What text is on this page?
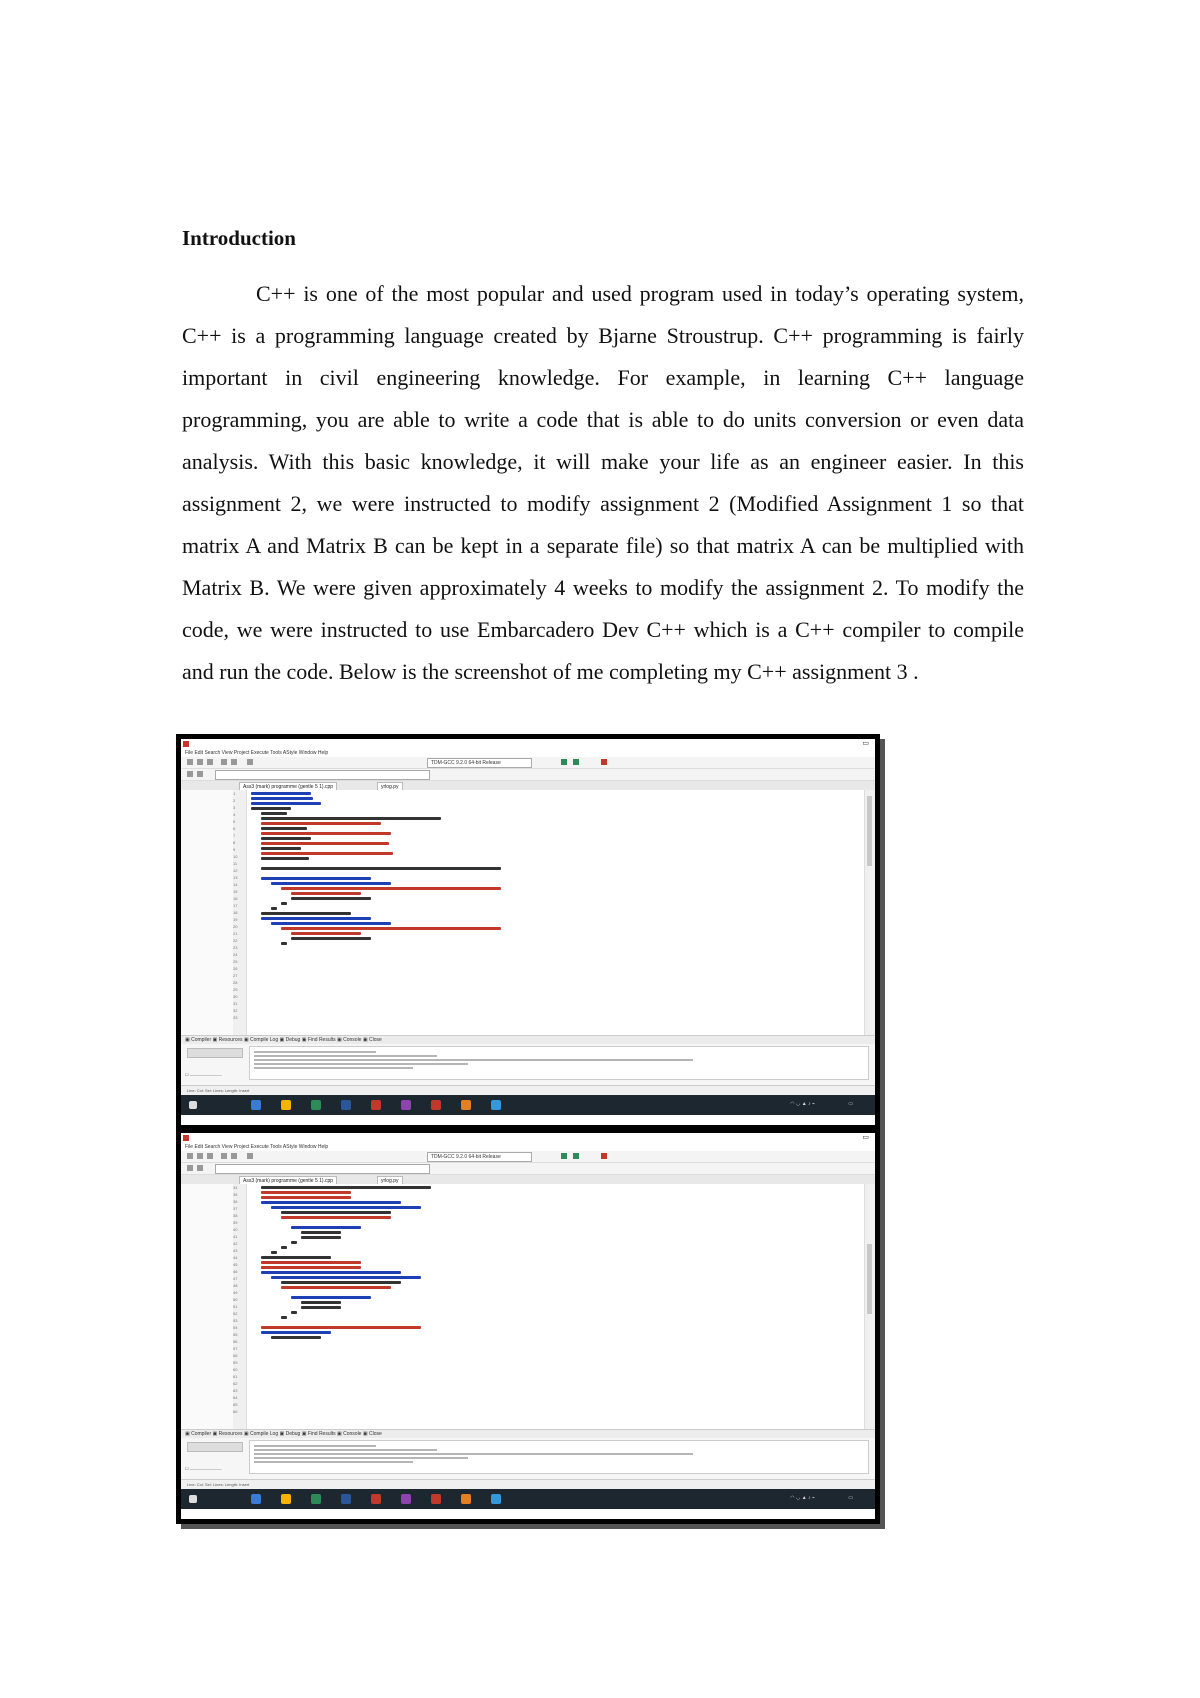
Introduction

C++ is one of the most popular and used program used in today’s operating system, C++ is a programming language created by Bjarne Stroustrup. C++ programming is fairly important in civil engineering knowledge. For example, in learning C++ language programming, you are able to write a code that is able to do units conversion or even data analysis. With this basic knowledge, it will make your life as an engineer easier. In this assignment 2, we were instructed to modify assignment 2 (Modified Assignment 1 so that matrix A and Matrix B can be kept in a separate file) so that matrix A can be multiplied with Matrix B. We were given approximately 4 weeks to modify the assignment 2. To modify the code, we were instructed to use Embarcadero Dev C++ which is a C++ compiler to compile and run the code. Below is the screenshot of me completing my C++ assignment 3 .

▭
File Edit Search View Project Execute Tools AStyle Window Help
TDM-GCC 9.2.0 64-bit Release
Ass3 (mark) programme (gentle 5 1).cpp	yrlog.py
1
2
3
4
5
6
7
8
9
10
11
12
13
14
15
16
17
18
19
20
21
22
23
24
25
26
27
28
29
30
31
32
33
▣ Compiler ▣ Resources ▣ Compile Log ▣ Debug ▣ Find Results ▣ Console ▣ Close
☐ ————————
Line: Col: Sel: Lines: Length: Insert
◠ ◡ ▲ ♪ ⌁	▭
▭
File Edit Search View Project Execute Tools AStyle Window Help
TDM-GCC 9.2.0 64-bit Release
Ass3 (mark) programme (gentle 5 1).cpp	yrlog.py
34
35
36
37
38
39
40
41
42
43
44
45
46
47
48
49
50
51
52
53
54
55
56
57
58
59
60
61
62
63
64
65
66
▣ Compiler ▣ Resources ▣ Compile Log ▣ Debug ▣ Find Results ▣ Console ▣ Close
☐ ————————
Line: Col: Sel: Lines: Length: Insert
◠ ◡ ▲ ♪ ⌁	▭
